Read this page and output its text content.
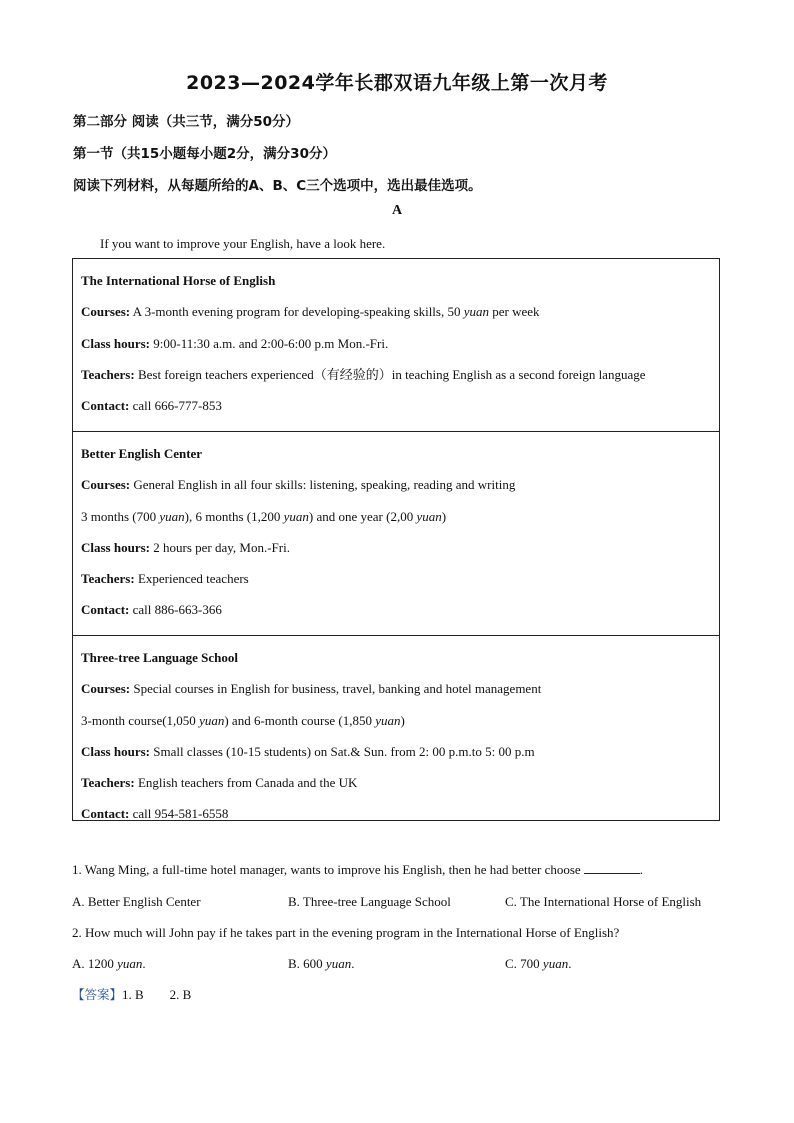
2023—2024学年长郡双语九年级上第一次月考
第二部分 阅读（共三节，满分50分）
第一节（共15小题每小题2分，满分30分）
阅读下列材料，从每题所给的A、B、C三个选项中，选出最佳选项。
A
If you want to improve your English, have a look here.
The International Horse of English
Courses: A 3-month evening program for developing-speaking skills, 50 yuan per week
Class hours: 9:00-11:30 a.m. and 2:00-6:00 p.m Mon.-Fri.
Teachers: Best foreign teachers experienced（有经验的）in teaching English as a second foreign language
Contact: call 666-777-853
Better English Center
Courses: General English in all four skills: listening, speaking, reading and writing
3 months (700 yuan), 6 months (1,200 yuan) and one year (2,00 yuan)
Class hours: 2 hours per day, Mon.-Fri.
Teachers: Experienced teachers
Contact: call 886-663-366
Three-tree Language School
Courses: Special courses in English for business, travel, banking and hotel management
3-month course(1,050 yuan) and 6-month course (1,850 yuan)
Class hours: Small classes (10-15 students) on Sat.& Sun. from 2: 00 p.m.to 5: 00 p.m
Teachers: English teachers from Canada and the UK
Contact: call 954-581-6558
1. Wang Ming, a full-time hotel manager, wants to improve his English, then he had better choose	.
A. Better English Center	B. Three-tree Language School	C. The International Horse of English
2. How much will John pay if he takes part in the evening program in the International Horse of English?
A. 1200 yuan.	B. 600 yuan.	C. 700 yuan.
【答案】1. B        2. B
